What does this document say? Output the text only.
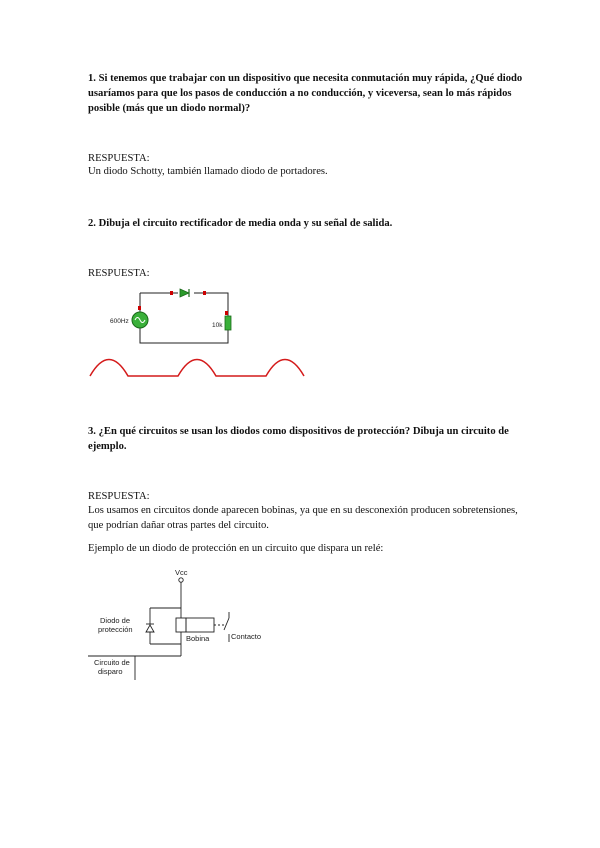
1. Si tenemos que trabajar con un dispositivo que necesita conmutación muy rápida, ¿Qué diodo usaríamos para que los pasos de conducción a no conducción, y viceversa, sean lo más rápidos posible (más que un diodo normal)?
RESPUESTA:
Un diodo Schotty, también llamado diodo de portadores.
2. Dibuja el circuito rectificador de media onda y su señal de salida.
RESPUESTA:
600Hz
10k
3. ¿En qué circuitos se usan los diodos como dispositivos de protección? Dibuja un circuito de ejemplo.
RESPUESTA:
Los usamos en circuitos donde aparecen bobinas, ya que en su desconexión producen sobretensiones, que podrían dañar otras partes del circuito.
Ejemplo de un diodo de protección en un circuito que dispara un relé:
Vcc
Diodo de
protección
Bobina	Contacto
Circuito de
disparo
